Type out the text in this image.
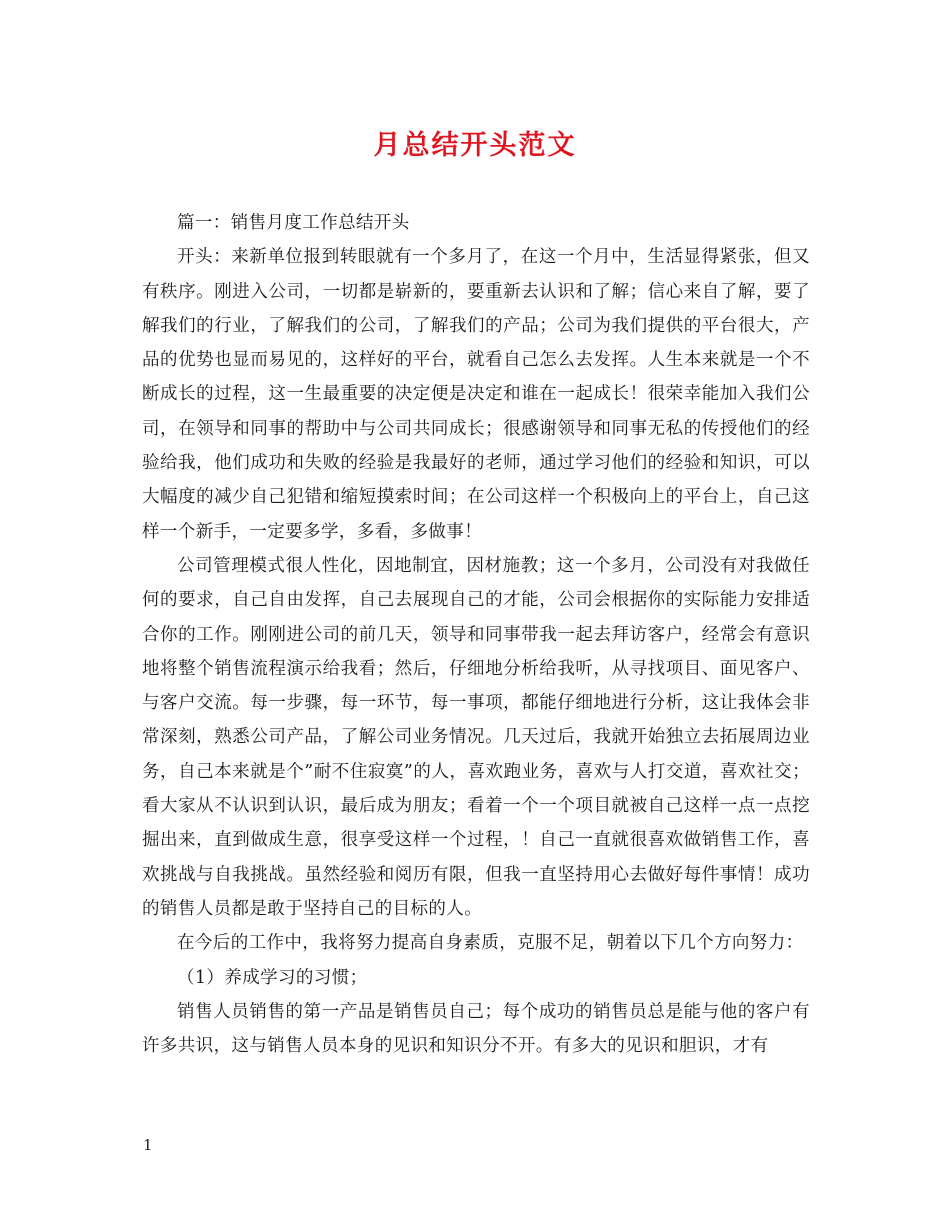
月总结开头范文

篇一：销售月度工作总结开头

开头：来新单位报到转眼就有一个多月了，在这一个月中，生活显得紧张，但又有秩序。刚进入公司，一切都是崭新的，要重新去认识和了解；信心来自了解，要了解我们的行业，了解我们的公司，了解我们的产品；公司为我们提供的平台很大，产品的优势也显而易见的，这样好的平台，就看自己怎么去发挥。人生本来就是一个不断成长的过程，这一生最重要的决定便是决定和谁在一起成长！很荣幸能加入我们公司，在领导和同事的帮助中与公司共同成长；很感谢领导和同事无私的传授他们的经验给我，他们成功和失败的经验是我最好的老师，通过学习他们的经验和知识，可以大幅度的减少自己犯错和缩短摸索时间；在公司这样一个积极向上的平台上，自己这样一个新手，一定要多学，多看，多做事！

公司管理模式很人性化，因地制宜，因材施教；这一个多月，公司没有对我做任何的要求，自己自由发挥，自己去展现自己的才能，公司会根据你的实际能力安排适合你的工作。刚刚进公司的前几天，领导和同事带我一起去拜访客户，经常会有意识地将整个销售流程演示给我看；然后，仔细地分析给我听，从寻找项目、面见客户、与客户交流。每一步骤，每一环节，每一事项，都能仔细地进行分析，这让我体会非常深刻，熟悉公司产品，了解公司业务情况。几天过后，我就开始独立去拓展周边业务，自己本来就是个”耐不住寂寞”的人，喜欢跑业务，喜欢与人打交道，喜欢社交；看大家从不认识到认识，最后成为朋友；看着一个一个项目就被自己这样一点一点挖掘出来，直到做成生意，很享受这样一个过程，！自己一直就很喜欢做销售工作，喜欢挑战与自我挑战。虽然经验和阅历有限，但我一直坚持用心去做好每件事情！成功的销售人员都是敢于坚持自己的目标的人。

在今后的工作中，我将努力提高自身素质，克服不足，朝着以下几个方向努力：

（1）养成学习的习惯；

销售人员销售的第一产品是销售员自己；每个成功的销售员总是能与他的客户有许多共识，这与销售人员本身的见识和知识分不开。有多大的见识和胆识，才有

1
